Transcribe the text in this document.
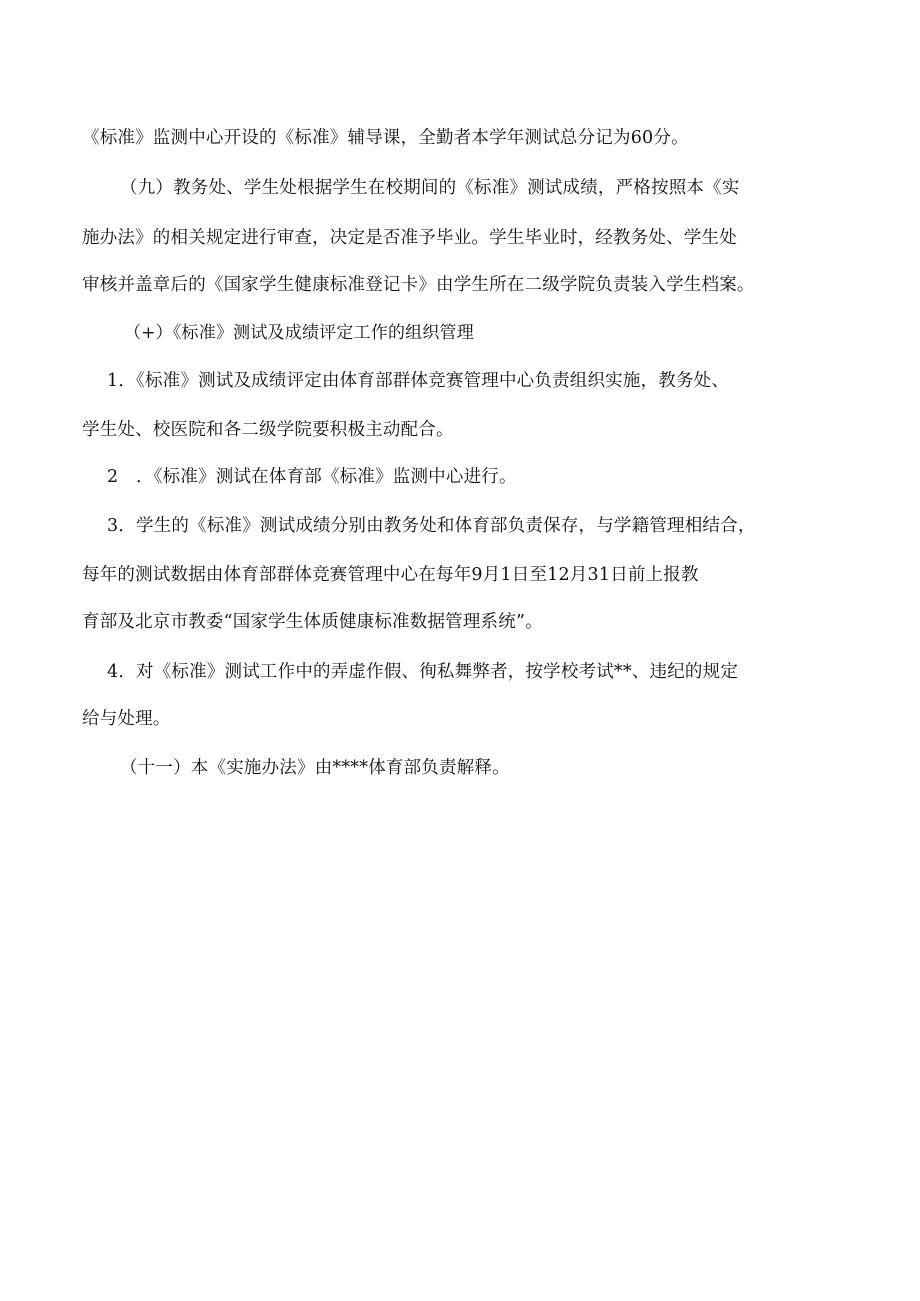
《标准》监测中心开设的《标准》辅导课，全勤者本学年测试总分记为60分。

（九）教务处、学生处根据学生在校期间的《标准》测试成绩，严格按照本《实

施办法》的相关规定进行审查，决定是否准予毕业。学生毕业时，经教务处、学生处

审核并盖章后的《国家学生健康标准登记卡》由学生所在二级学院负责装入学生档案。

（+）《标准》测试及成绩评定工作的组织管理

1．《标准》测试及成绩评定由体育部群体竞赛管理中心负责组织实施，教务处、

学生处、校医院和各二级学院要积极主动配合。

2　．《标准》测试在体育部《标准》监测中心进行。

3．学生的《标准》测试成绩分别由教务处和体育部负责保存，与学籍管理相结合，

每年的测试数据由体育部群体竞赛管理中心在每年9月1日至12月31日前上报教

育部及北京市教委“国家学生体质健康标准数据管理系统”。

4．对《标准》测试工作中的弄虚作假、徇私舞弊者，按学校考试**、违纪的规定

给与处理。

（十一）本《实施办法》由****体育部负责解释。
